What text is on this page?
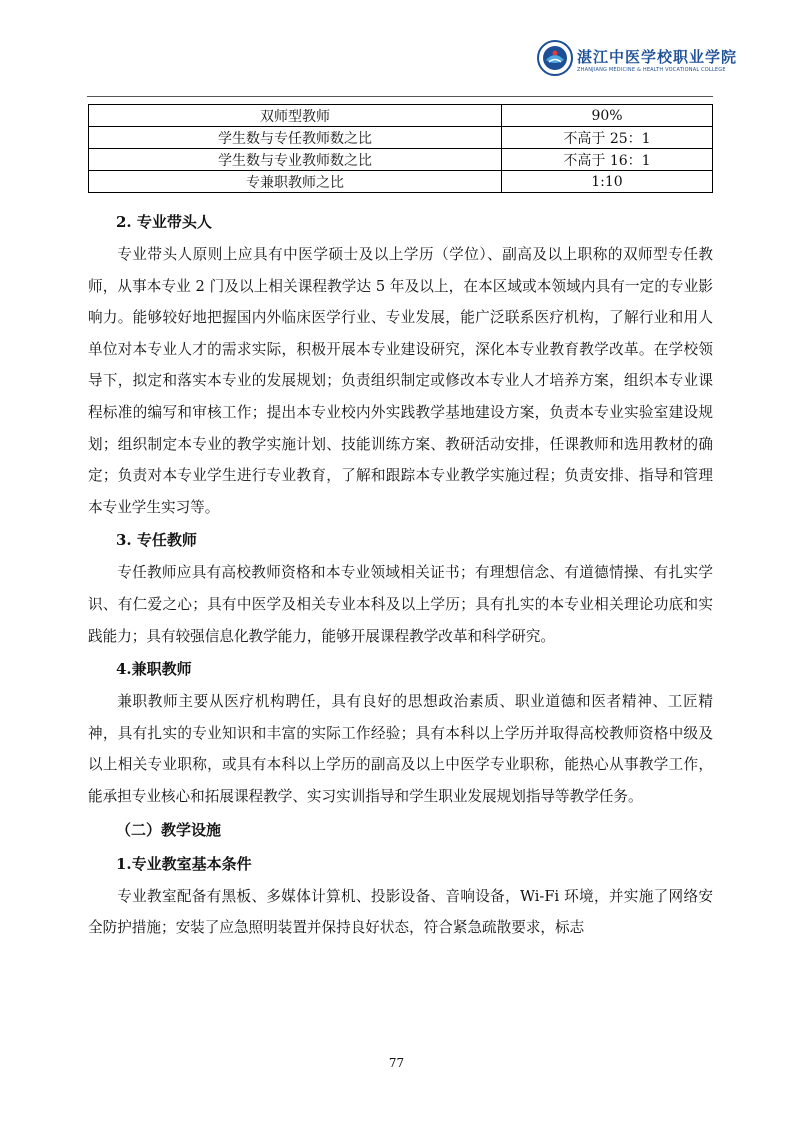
湛江中医学校职业学院
ZHANJIANG MEDICINE & HEALTH VOCATIONAL COLLEGE
双师型教师	90%
学生数与专任教师数之比	不高于 25：1
学生数与专业教师数之比	不高于 16：1
专兼职教师之比	1:10
2. 专业带头人

专业带头人原则上应具有中医学硕士及以上学历（学位）、副高及以上职称的双师型专任教师，从事本专业 2 门及以上相关课程教学达 5 年及以上，在本区域或本领域内具有一定的专业影响力。能够较好地把握国内外临床医学行业、专业发展，能广泛联系医疗机构，了解行业和用人单位对本专业人才的需求实际，积极开展本专业建设研究，深化本专业教育教学改革。在学校领导下，拟定和落实本专业的发展规划；负责组织制定或修改本专业人才培养方案，组织本专业课程标准的编写和审核工作；提出本专业校内外实践教学基地建设方案，负责本专业实验室建设规划；组织制定本专业的教学实施计划、技能训练方案、教研活动安排，任课教师和选用教材的确定；负责对本专业学生进行专业教育，了解和跟踪本专业教学实施过程；负责安排、指导和管理本专业学生实习等。

3. 专任教师

专任教师应具有高校教师资格和本专业领域相关证书；有理想信念、有道德情操、有扎实学识、有仁爱之心；具有中医学及相关专业本科及以上学历；具有扎实的本专业相关理论功底和实践能力；具有较强信息化教学能力，能够开展课程教学改革和科学研究。

4.兼职教师

兼职教师主要从医疗机构聘任，具有良好的思想政治素质、职业道德和医者精神、工匠精神，具有扎实的专业知识和丰富的实际工作经验；具有本科以上学历并取得高校教师资格中级及以上相关专业职称，或具有本科以上学历的副高及以上中医学专业职称，能热心从事教学工作，能承担专业核心和拓展课程教学、实习实训指导和学生职业发展规划指导等教学任务。

（二）教学设施
1.专业教室基本条件

专业教室配备有黑板、多媒体计算机、投影设备、音响设备，Wi-Fi 环境，并实施了网络安全防护措施；安装了应急照明装置并保持良好状态，符合紧急疏散要求，标志

77
